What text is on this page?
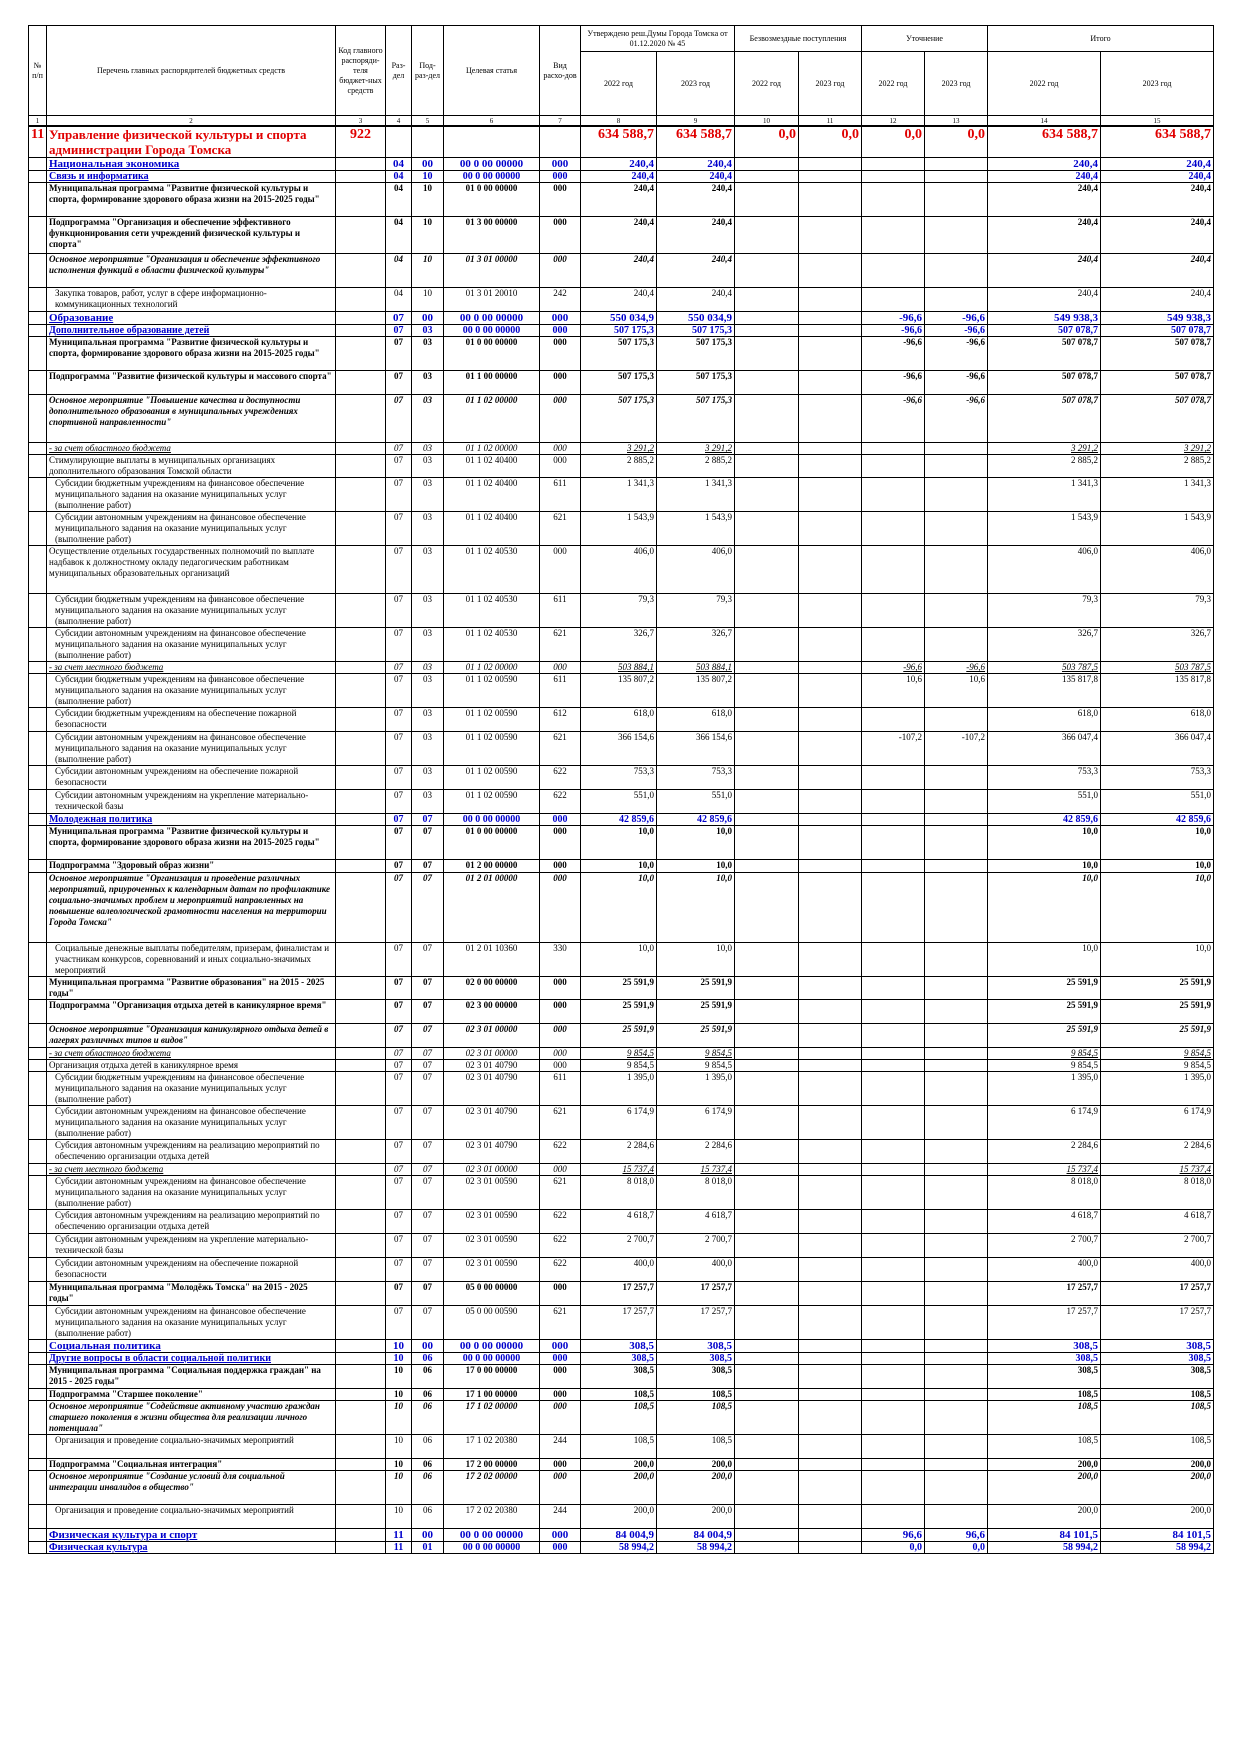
№ п/п	Перечень главных распорядителей бюджетных средств	Код главного распоряди-теля бюджет-ных средств	Раз-дел	Под-раз-дел	Целевая статья	Вид расхо-дов	Утверждено реш.Думы Города Томска от 01.12.2020 № 45		Безвозмездные поступления		Уточнение		Итого	
							2022 год	2023 год	2022 год	2023 год	2022 год	2023 год	2022 год	2023 год
1	2	3	4	5	6	7	8	9	10	11	12	13	14	15
11	Управление физической культуры и спорта администрации Города Томска	922					634 588,7	634 588,7	0,0	0,0	0,0	0,0	634 588,7	634 588,7
	Национальная экономика		04	00	00 0 00 00000	000	240,4	240,4					240,4	240,4
	Связь и информатика		04	10	00 0 00 00000	000	240,4	240,4					240,4	240,4
	Муниципальная программа "Развитие физической культуры и спорта, формирование здорового образа жизни на 2015-2025 годы"		04	10	01 0 00 00000	000	240,4	240,4					240,4	240,4
	Подпрограмма "Организация и обеспечение эффективного функционирования сети учреждений физической культуры и спорта"		04	10	01 3 00 00000	000	240,4	240,4					240,4	240,4
	Основное мероприятие "Организация и обеспечение эффективного исполнения функций в области физической культуры"		04	10	01 3 01 00000	000	240,4	240,4					240,4	240,4
	Закупка товаров, работ, услуг в сфере информационно-коммуникационных технологий		04	10	01 3 01 20010	242	240,4	240,4					240,4	240,4
	Образование		07	00	00 0 00 00000	000	550 034,9	550 034,9			-96,6	-96,6	549 938,3	549 938,3
	Дополнительное образование детей		07	03	00 0 00 00000	000	507 175,3	507 175,3			-96,6	-96,6	507 078,7	507 078,7
	Муниципальная программа "Развитие физической культуры и спорта, формирование здорового образа жизни на 2015-2025 годы"		07	03	01 0 00 00000	000	507 175,3	507 175,3			-96,6	-96,6	507 078,7	507 078,7
	Подпрограмма "Развитие физической культуры и массового спорта"		07	03	01 1 00 00000	000	507 175,3	507 175,3			-96,6	-96,6	507 078,7	507 078,7
	Основное мероприятие "Повышение качества и доступности дополнительного образования в муниципальных учреждениях спортивной направленности"		07	03	01 1 02 00000	000	507 175,3	507 175,3			-96,6	-96,6	507 078,7	507 078,7
	- за счет областного бюджета		07	03	01 1 02 00000	000	3 291,2	3 291,2					3 291,2	3 291,2
	Стимулирующие выплаты в муниципальных организациях дополнительного образования Томской области		07	03	01 1 02 40400	000	2 885,2	2 885,2					2 885,2	2 885,2
	Субсидии бюджетным учреждениям на финансовое обеспечение муниципального задания на оказание муниципальных услуг (выполнение работ)		07	03	01 1 02 40400	611	1 341,3	1 341,3					1 341,3	1 341,3
	Субсидии автономным учреждениям на финансовое обеспечение муниципального задания на оказание муниципальных услуг (выполнение работ)		07	03	01 1 02 40400	621	1 543,9	1 543,9					1 543,9	1 543,9
	Осуществление отдельных государственных полномочий по выплате надбавок к должностному окладу педагогическим работникам муниципальных образовательных организаций		07	03	01 1 02 40530	000	406,0	406,0					406,0	406,0
	Субсидии бюджетным учреждениям на финансовое обеспечение муниципального задания на оказание муниципальных услуг (выполнение работ)		07	03	01 1 02 40530	611	79,3	79,3					79,3	79,3
	Субсидии автономным учреждениям на финансовое обеспечение муниципального задания на оказание муниципальных услуг (выполнение работ)		07	03	01 1 02 40530	621	326,7	326,7					326,7	326,7
	- за счет местного бюджета		07	03	01 1 02 00000	000	503 884,1	503 884,1			-96,6	-96,6	503 787,5	503 787,5
	Субсидии бюджетным учреждениям на финансовое обеспечение муниципального задания на оказание муниципальных услуг (выполнение работ)		07	03	01 1 02 00590	611	135 807,2	135 807,2			10,6	10,6	135 817,8	135 817,8
	Субсидии бюджетным учреждениям на обеспечение пожарной безопасности		07	03	01 1 02 00590	612	618,0	618,0					618,0	618,0
	Субсидии автономным учреждениям на финансовое обеспечение муниципального задания на оказание муниципальных услуг (выполнение работ)		07	03	01 1 02 00590	621	366 154,6	366 154,6			-107,2	-107,2	366 047,4	366 047,4
	Субсидии автономным учреждениям на обеспечение пожарной безопасности		07	03	01 1 02 00590	622	753,3	753,3					753,3	753,3
	Субсидии автономным учреждениям на укрепление материально-технической базы		07	03	01 1 02 00590	622	551,0	551,0					551,0	551,0
	Молодежная политика		07	07	00 0 00 00000	000	42 859,6	42 859,6					42 859,6	42 859,6
	Муниципальная программа "Развитие физической культуры и спорта, формирование здорового образа жизни на 2015-2025 годы"		07	07	01 0 00 00000	000	10,0	10,0					10,0	10,0
	Подпрограмма "Здоровый образ жизни"		07	07	01 2 00 00000	000	10,0	10,0					10,0	10,0
	Основное мероприятие "Организация и проведение различных мероприятий, приуроченных к календарным датам по профилактике социально-значимых проблем и мероприятий направленных на повышение валеологической грамотности населения на территории Города Томска"		07	07	01 2 01 00000	000	10,0	10,0					10,0	10,0
	Социальные денежные выплаты победителям, призерам, финалистам и участникам конкурсов, соревнований и иных социально-значимых мероприятий		07	07	01 2 01 10360	330	10,0	10,0					10,0	10,0
	Муниципальная программа "Развитие образования" на 2015 - 2025 годы"		07	07	02 0 00 00000	000	25 591,9	25 591,9					25 591,9	25 591,9
	Подпрограмма "Организация отдыха детей в каникулярное время"		07	07	02 3 00 00000	000	25 591,9	25 591,9					25 591,9	25 591,9
	Основное мероприятие "Организация каникулярного отдыха детей в лагерях различных типов и видов"		07	07	02 3 01 00000	000	25 591,9	25 591,9					25 591,9	25 591,9
	- за счет областного бюджета		07	07	02 3 01 00000	000	9 854,5	9 854,5					9 854,5	9 854,5
	Организация отдыха детей в каникулярное время		07	07	02 3 01 40790	000	9 854,5	9 854,5					9 854,5	9 854,5
	Субсидии бюджетным учреждениям на финансовое обеспечение муниципального задания на оказание муниципальных услуг (выполнение работ)		07	07	02 3 01 40790	611	1 395,0	1 395,0					1 395,0	1 395,0
	Субсидии автономным учреждениям на финансовое обеспечение муниципального задания на оказание муниципальных услуг (выполнение работ)		07	07	02 3 01 40790	621	6 174,9	6 174,9					6 174,9	6 174,9
	Субсидия автономным учреждениям на реализацию мероприятий по обеспечению организации отдыха детей		07	07	02 3 01 40790	622	2 284,6	2 284,6					2 284,6	2 284,6
	- за счет местного бюджета		07	07	02 3 01 00000	000	15 737,4	15 737,4					15 737,4	15 737,4
	Субсидии автономным учреждениям на финансовое обеспечение муниципального задания на оказание муниципальных услуг (выполнение работ)		07	07	02 3 01 00590	621	8 018,0	8 018,0					8 018,0	8 018,0
	Субсидия автономным учреждениям на реализацию мероприятий по обеспечению организации отдыха детей		07	07	02 3 01 00590	622	4 618,7	4 618,7					4 618,7	4 618,7
	Субсидии автономным учреждениям на укрепление материально-технической базы		07	07	02 3 01 00590	622	2 700,7	2 700,7					2 700,7	2 700,7
	Субсидии автономным учреждениям на обеспечение пожарной безопасности		07	07	02 3 01 00590	622	400,0	400,0					400,0	400,0
	Муниципальная программа "Молодёжь Томска" на 2015 - 2025 годы"		07	07	05 0 00 00000	000	17 257,7	17 257,7					17 257,7	17 257,7
	Субсидии автономным учреждениям на финансовое обеспечение муниципального задания на оказание муниципальных услуг (выполнение работ)		07	07	05 0 00 00590	621	17 257,7	17 257,7					17 257,7	17 257,7
	Социальная политика		10	00	00 0 00 00000	000	308,5	308,5					308,5	308,5
	Другие вопросы в области социальной политики		10	06	00 0 00 00000	000	308,5	308,5					308,5	308,5
	Муниципальная программа "Социальная поддержка граждан" на 2015 - 2025 годы"		10	06	17 0 00 00000	000	308,5	308,5					308,5	308,5
	Подпрограмма "Старшее поколение"		10	06	17 1 00 00000	000	108,5	108,5					108,5	108,5
	Основное мероприятие "Содействие активному участию граждан старшего поколения в жизни общества для реализации личного потенциала"		10	06	17 1 02 00000	000	108,5	108,5					108,5	108,5
	Организация и проведение социально-значимых мероприятий		10	06	17 1 02 20380	244	108,5	108,5					108,5	108,5
	Подпрограмма "Социальная интеграция"		10	06	17 2 00 00000	000	200,0	200,0					200,0	200,0
	Основное мероприятие "Создание условий для социальной интеграции инвалидов в общество"		10	06	17 2 02 00000	000	200,0	200,0					200,0	200,0
	Организация и проведение социально-значимых мероприятий		10	06	17 2 02 20380	244	200,0	200,0					200,0	200,0
	Физическая культура и спорт		11	00	00 0 00 00000	000	84 004,9	84 004,9			96,6	96,6	84 101,5	84 101,5
	Физическая культура		11	01	00 0 00 00000	000	58 994,2	58 994,2			0,0	0,0	58 994,2	58 994,2
